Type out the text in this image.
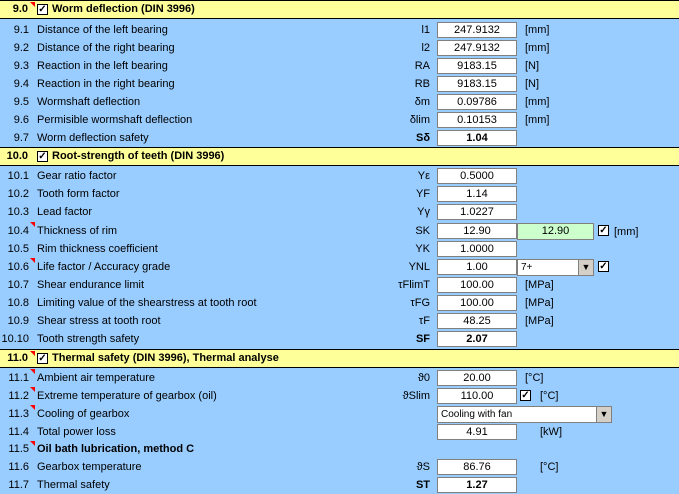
9.0 ✓ Worm deflection (DIN 3996)
9.1 Distance of the left bearing	l1	247.9132	[mm]
9.2 Distance of the right bearing	l2	247.9132	[mm]
9.3 Reaction in the left bearing	RA	9183.15	[N]
9.4 Reaction in the right bearing	RB	9183.15	[N]
9.5 Wormshaft deflection	δm	0.09786	[mm]
9.6 Permisible wormshaft deflection	δlim	0.10153	[mm]
9.7 Worm deflection safety	Sδ	1.04
10.0 ✓ Root-strength of teeth (DIN 3996)
10.1 Gear ratio factor	Yε	0.5000
10.2 Tooth form factor	YF	1.14
10.3 Lead factor	Yγ	1.0227
10.4 Thickness of rim	SK	12.90	12.90	✓ [mm]
10.5 Rim thickness coefficient	YK	1.0000
10.6 Life factor / Accuracy grade	YNL	1.00	7+	▼ ✓
10.7 Shear endurance limit	τFlimT	100.00	[MPa]
10.8 Limiting value of the shearstress at tooth root	τFG	100.00	[MPa]
10.9 Shear stress at tooth root	τF	48.25	[MPa]
10.10 Tooth strength safety	SF	2.07
11.0 ✓ Thermal safety (DIN 3996), Thermal analyse
11.1 Ambient air temperature	ϑ0	20.00	[°C]
11.2 Extreme temperature of gearbox (oil)	ϑSlim	110.00	✓ [°C]
11.3 Cooling of gearbox	Cooling with fan	▼
11.4 Total power loss	4.91	[kW]
11.5 Oil bath lubrication, method C
11.6 Gearbox temperature	ϑS	86.76	[°C]
11.7 Thermal safety	ST	1.27
